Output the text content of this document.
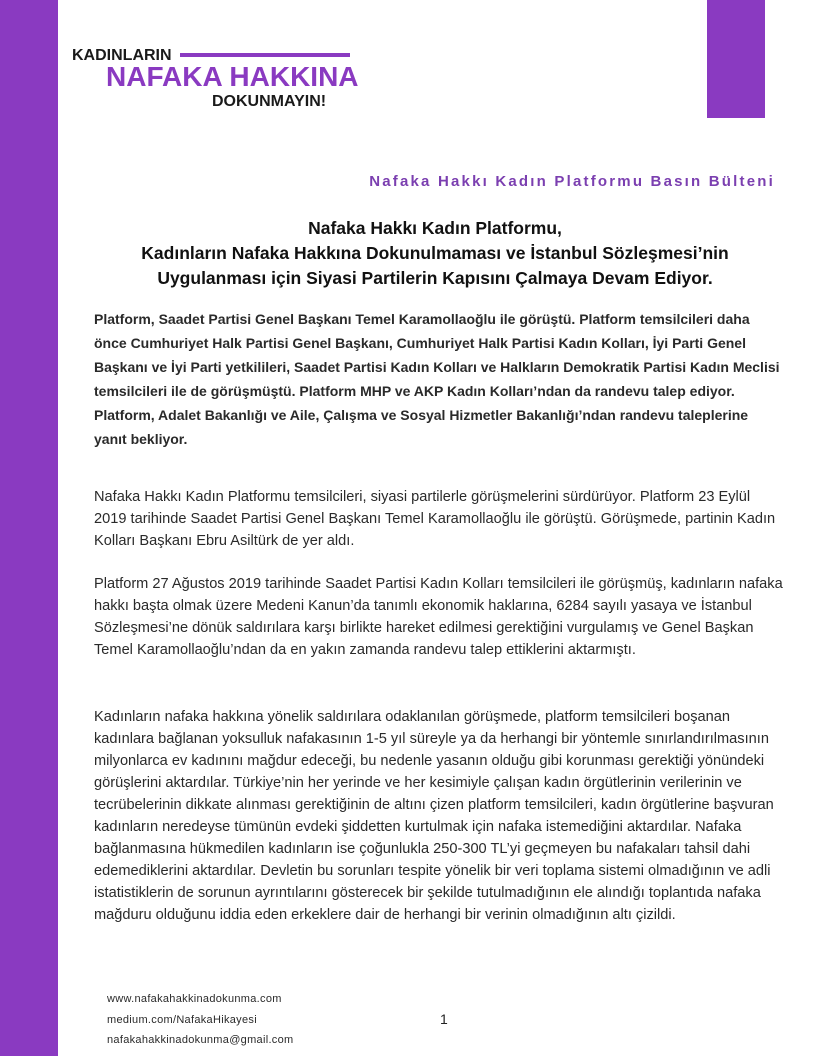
KADINLARIN
NAFAKA HAKKINA
DOKUNMAYIN!
Nafaka Hakkı Kadın Platformu Basın Bülteni
Nafaka Hakkı Kadın Platformu,
Kadınların Nafaka Hakkına Dokunulmaması ve İstanbul Sözleşmesi’nin
Uygulanması için Siyasi Partilerin Kapısını Çalmaya Devam Ediyor.
Platform, Saadet Partisi Genel Başkanı Temel Karamollaoğlu ile görüştü. Platform temsilcileri daha önce Cumhuriyet Halk Partisi Genel Başkanı, Cumhuriyet Halk Partisi Kadın Kolları, İyi Parti Genel Başkanı ve İyi Parti yetkilileri, Saadet Partisi Kadın Kolları ve Halkların Demokratik Partisi Kadın Meclisi temsilcileri ile de görüşmüştü. Platform MHP ve AKP Kadın Kolları’ndan da randevu talep ediyor. Platform, Adalet Bakanlığı ve Aile, Çalışma ve Sosyal Hizmetler Bakanlığı’ndan randevu taleplerine yanıt bekliyor.
Nafaka Hakkı Kadın Platformu temsilcileri, siyasi partilerle görüşmelerini sürdürüyor. Platform 23 Eylül 2019 tarihinde Saadet Partisi Genel Başkanı Temel Karamollaoğlu ile görüştü. Görüşmede, partinin Kadın Kolları Başkanı Ebru Asiltürk de yer aldı.
Platform 27 Ağustos 2019 tarihinde Saadet Partisi Kadın Kolları temsilcileri ile görüşmüş, kadınların nafaka hakkı başta olmak üzere Medeni Kanun’da tanımlı ekonomik haklarına, 6284 sayılı yasaya ve İstanbul Sözleşmesi’ne dönük saldırılara karşı birlikte hareket edilmesi gerektiğini vurgulamış ve Genel Başkan Temel Karamollaoğlu’ndan da en yakın zamanda randevu talep ettiklerini aktarmıştı.
Kadınların nafaka hakkına yönelik saldırılara odaklanılan görüşmede, platform temsilcileri boşanan kadınlara bağlanan yoksulluk nafakasının 1-5 yıl süreyle ya da herhangi bir yöntemle sınırlandırılmasının milyonlarca ev kadınını mağdur edeceği, bu nedenle yasanın olduğu gibi korunması gerektiği yönündeki görüşlerini aktardılar. Türkiye’nin her yerinde ve her kesimiyle çalışan kadın örgütlerinin verilerinin ve tecrübelerinin dikkate alınması gerektiğinin de altını çizen platform temsilcileri, kadın örgütlerine başvuran kadınların neredeyse tümünün evdeki şiddetten kurtulmak için nafaka istemediğini aktardılar. Nafaka bağlanmasına hükmedilen kadınların ise çoğunlukla 250-300 TL’yi geçmeyen bu nafakaları tahsil dahi edemediklerini aktardılar. Devletin bu sorunları tespite yönelik bir veri toplama sistemi olmadığının ve adli istatistiklerin de sorunun ayrıntılarını gösterecek bir şekilde tutulmadığının ele alındığı toplantıda nafaka mağduru olduğunu iddia eden erkeklere dair de herhangi bir verinin olmadığının altı çizildi.
www.nafakahakkinadokunma.com
medium.com/NafakaHikayesi
nafakahakkinadokunma@gmail.com
1
